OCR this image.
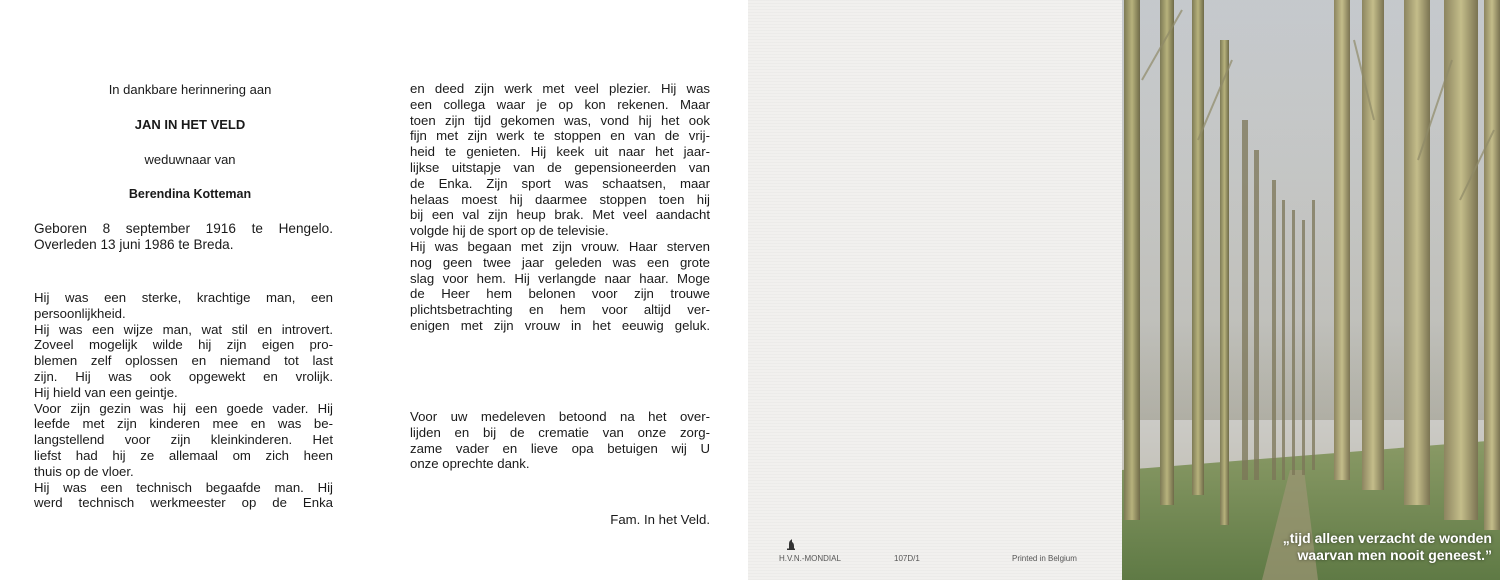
In dankbare herinnering aan

JAN IN HET VELD

weduwnaar van

Berendina Kotteman

Geboren 8 september 1916 te Hengelo.
Overleden 13 juni 1986 te Breda.
Hij was een sterke, krachtige man, een
persoonlijkheid.
Hij was een wijze man, wat stil en introvert.
Zoveel mogelijk wilde hij zijn eigen pro-
blemen zelf oplossen en niemand tot last
zijn. Hij was ook opgewekt en vrolijk.
Hij hield van een geintje.
Voor zijn gezin was hij een goede vader. Hij
leefde met zijn kinderen mee en was be-
langstellend voor zijn kleinkinderen. Het
liefst had hij ze allemaal om zich heen
thuis op de vloer.
Hij was een technisch begaafde man. Hij
werd technisch werkmeester op de Enka
en deed zijn werk met veel plezier. Hij was
een collega waar je op kon rekenen. Maar
toen zijn tijd gekomen was, vond hij het ook
fijn met zijn werk te stoppen en van de vrij-
heid te genieten. Hij keek uit naar het jaar-
lijkse uitstapje van de gepensioneerden van
de Enka. Zijn sport was schaatsen, maar
helaas moest hij daarmee stoppen toen hij
bij een val zijn heup brak. Met veel aandacht
volgde hij de sport op de televisie.
Hij was begaan met zijn vrouw. Haar sterven
nog geen twee jaar geleden was een grote
slag voor hem. Hij verlangde naar haar. Moge
de Heer hem belonen voor zijn trouwe
plichtsbetrachting en hem voor altijd ver-
enigen met zijn vrouw in het eeuwig geluk.
Voor uw medeleven betoond na het over-
lijden en bij de crematie van onze zorg-
zame vader en lieve opa betuigen wij U
onze oprechte dank.

Fam. In het Veld.

H.V.N.-MONDIAL	107D/1	Printed in Belgium

„tijd alleen verzacht de wonden
waarvan men nooit geneest.”
